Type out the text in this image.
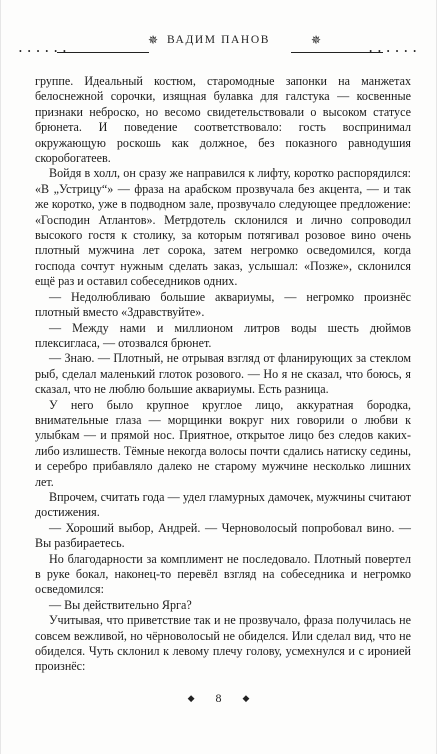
✵ ВАДИМ ПАНОВ	✵
• • • • • •	• • • • • •

группе. Идеальный костюм, старомодные запонки на манжетах белоснежной сорочки, изящная булавка для галстука — косвенные признаки неброско, но весомо свидетельствовали о высоком статусе брюнета. И поведение соответствовало: гость воспринимал окружающую роскошь как должное, без показного равнодушия скоробогатеев.

Войдя в холл, он сразу же направился к лифту, коротко распорядился: «В „Устрицу“» — фраза на арабском прозвучала без акцента, — и так же коротко, уже в подводном зале, прозвучало следующее предложение: «Господин Атлантов». Метрдотель склонился и лично сопроводил высокого гостя к столику, за которым потягивал розовое вино очень плотный мужчина лет сорока, затем негромко осведомился, когда господа сочтут нужным сделать заказ, услышал: «Позже», склонился ещё раз и оставил собеседников одних.

— Недолюбливаю большие аквариумы, — негромко произнёс плотный вместо «Здравствуйте».

— Между нами и миллионом литров воды шесть дюймов плексигласа, — отозвался брюнет.

— Знаю. — Плотный, не отрывая взгляд от фланирующих за стеклом рыб, сделал маленький глоток розового. — Но я не сказал, что боюсь, я сказал, что не люблю большие аквариумы. Есть разница.

У него было крупное круглое лицо, аккуратная бородка, внимательные глаза — морщинки вокруг них говорили о любви к улыбкам — и прямой нос. Приятное, открытое лицо без следов каких-либо излишеств. Тёмные некогда волосы почти сдались натиску седины, и серебро прибавляло далеко не старому мужчине несколько лишних лет.

Впрочем, считать года — удел гламурных дамочек, мужчины считают достижения.

— Хороший выбор, Андрей. — Черноволосый попробовал вино. — Вы разбираетесь.

Но благодарности за комплимент не последовало. Плотный повертел в руке бокал, наконец-то перевёл взгляд на собеседника и негромко осведомился:

— Вы действительно Ярга?

Учитывая, что приветствие так и не прозвучало, фраза получилась не совсем вежливой, но чёрноволосый не обиделся. Или сделал вид, что не обиделся. Чуть склонил к левому плечу голову, усмехнулся и с иронией произнёс:

◆ 8 ◆
